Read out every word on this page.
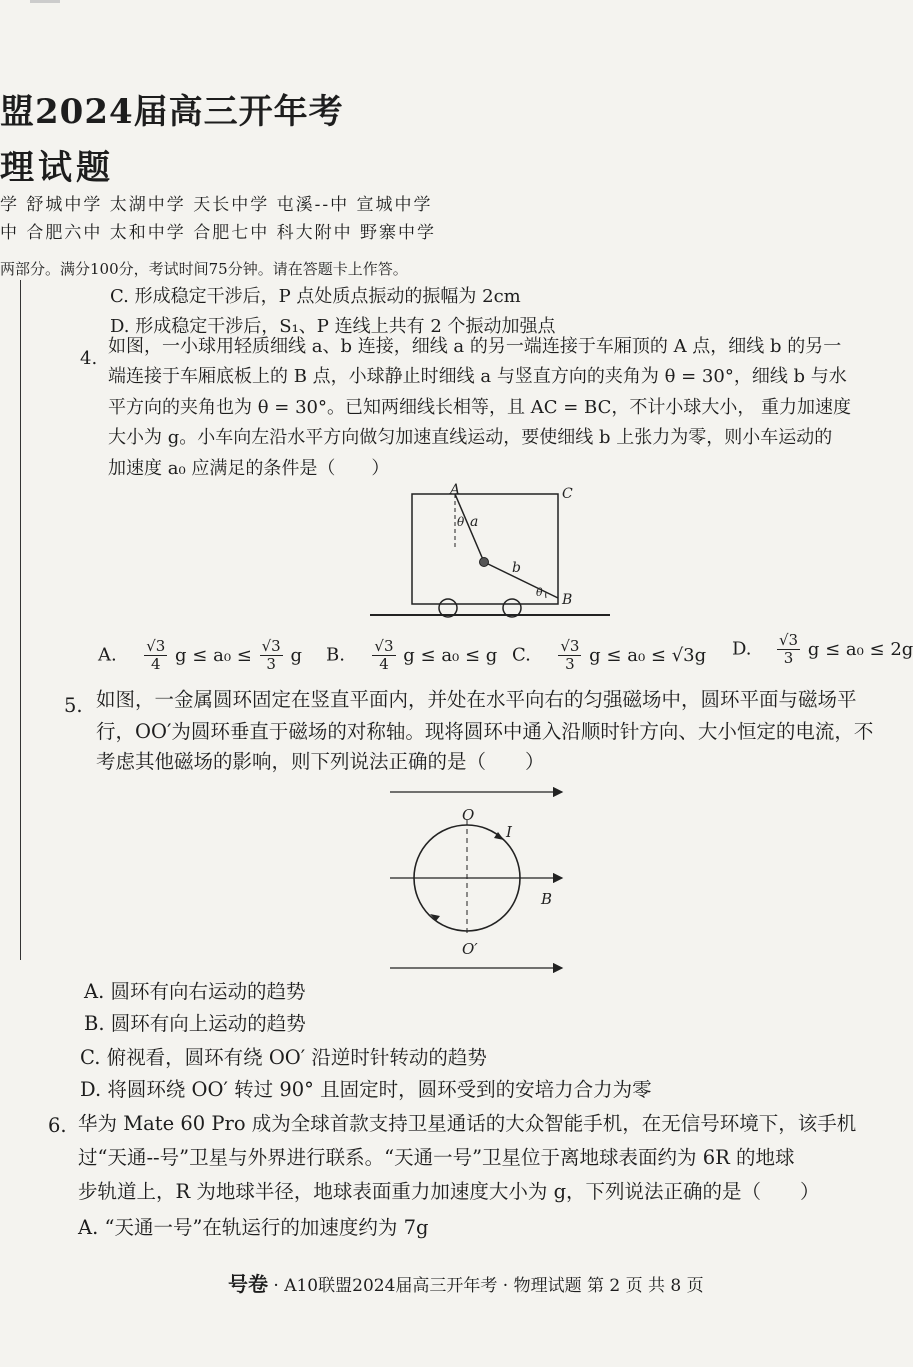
盟2024届高三开年考
理试题
学 舒城中学 太湖中学 天长中学 屯溪--中 宣城中学
中 合肥六中 太和中学 合肥七中 科大附中 野寨中学
两部分。满分100分，考试时间75分钟。请在答题卡上作答。
C. 形成稳定干涉后，P 点处质点振动的振幅为 2cm
D. 形成稳定干涉后，S₁、P 连线上共有 2 个振动加强点
4.
如图，一小球用轻质细线 a、b 连接，细线 a 的另一端连接于车厢顶的 A 点，细线 b 的另一
端连接于车厢底板上的 B 点，小球静止时细线 a 与竖直方向的夹角为 θ = 30°，细线 b 与水
平方向的夹角也为 θ = 30°。已知两细线长相等，且 AC = BC，不计小球大小， 重力加速度
大小为 g。小车向左沿水平方向做匀加速直线运动，要使细线 b 上张力为零，则小车运动的
加速度 a₀ 应满足的条件是（　　）
A	C
B
a
b
θ
θ
A. $\frac{√3}{4}$ $g \le a_0 \le \frac{√3}{3}$ g B. $\frac{√3}{4}$ g ≤ a₀ ≤ g C. $\frac{√3}{3}$ g ≤ a₀ ≤ √3g D. $\frac{√3}{3}$ g ≤ a₀ ≤ 2g
5. 如图，一金属圆环固定在竖直平面内，并处在水平向右的匀强磁场中，圆环平面与磁场平
行，OO′为圆环垂直于磁场的对称轴。现将圆环中通入沿顺时针方向、大小恒定的电流，不
考虑其他磁场的影响，则下列说法正确的是（　　）
O
O′
I
B
A. 圆环有向右运动的趋势
B. 圆环有向上运动的趋势
C. 俯视看，圆环有绕 OO′ 沿逆时针转动的趋势
D. 将圆环绕 OO′ 转过 90° 且固定时，圆环受到的安培力合力为零
6. 华为 Mate 60 Pro 成为全球首款支持卫星通话的大众智能手机，在无信号环境下，该手机
过“天通--号”卫星与外界进行联系。“天通一号”卫星位于离地球表面约为 6R 的地球
步轨道上，R 为地球半径，地球表面重力加速度大小为 g，下列说法正确的是（　　）
A. “天通一号”在轨运行的加速度约为 7g
号卷 · A10联盟2024届高三开年考 · 物理试题 第 2 页 共 8 页
